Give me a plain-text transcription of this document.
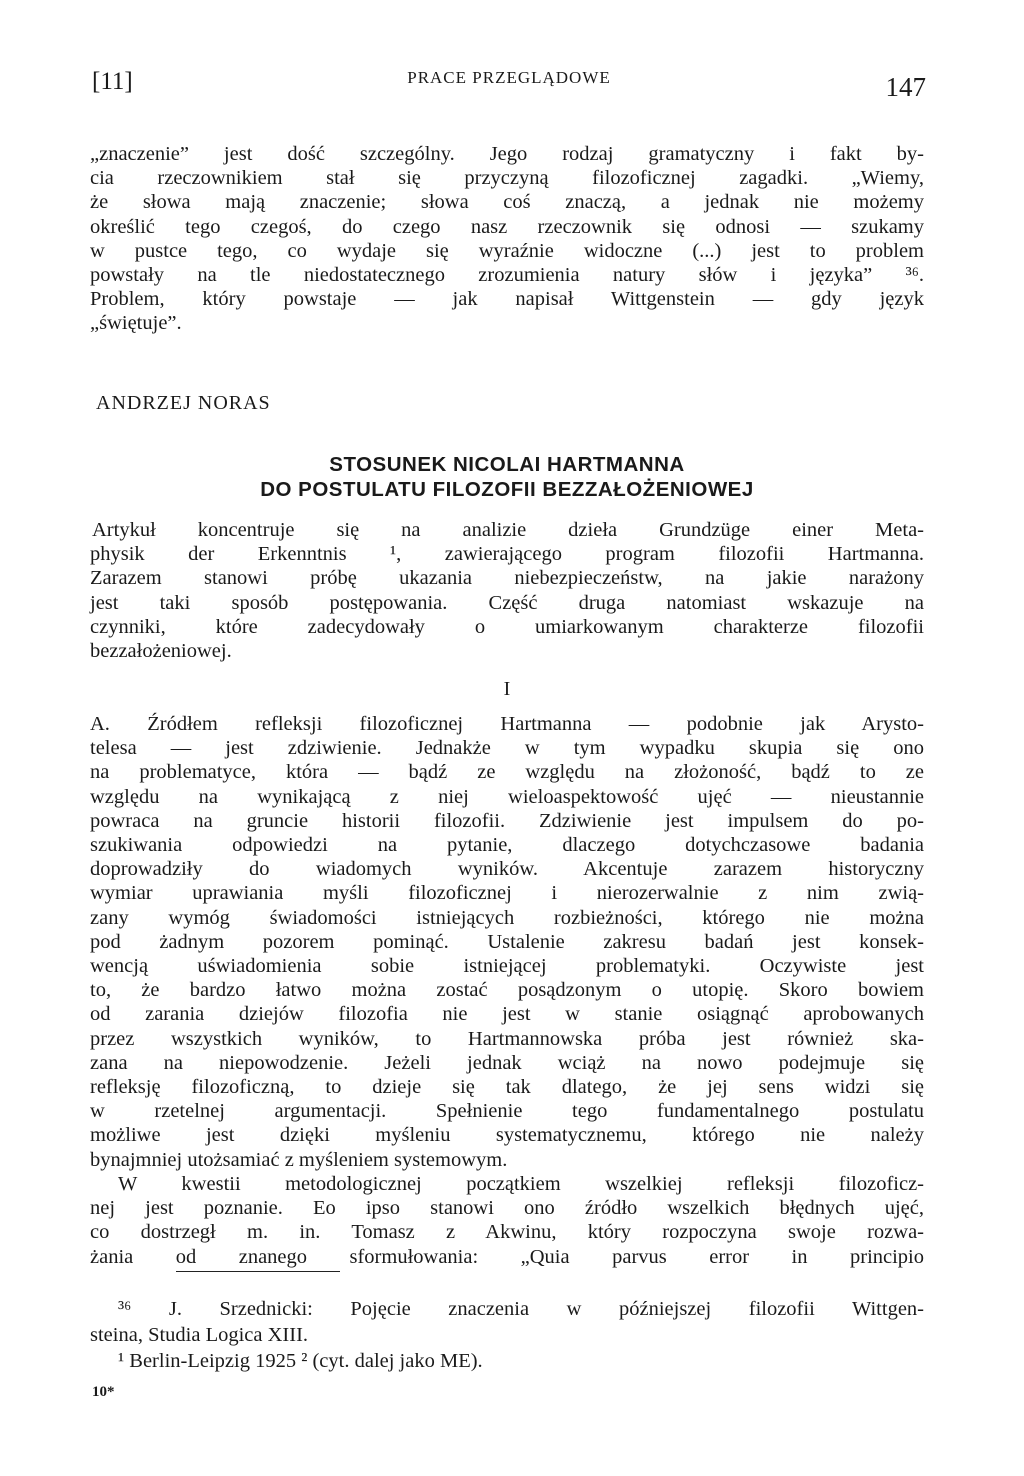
[11]	PRACE PRZEGLĄDOWE	147
„znaczenie” jest dość szczególny. Jego rodzaj gramatyczny i fakt by-
cia rzeczownikiem stał się przyczyną filozoficznej zagadki. „Wiemy,
że słowa mają znaczenie; słowa coś znaczą, a jednak nie możemy
określić tego czegoś, do czego nasz rzeczownik się odnosi — szukamy
w pustce tego, co wydaje się wyraźnie widoczne (...) jest to problem
powstały na tle niedostatecznego zrozumienia natury słów i języka” ³⁶.
Problem, który powstaje — jak napisał Wittgenstein — gdy język
„świętuje”.
ANDRZEJ NORAS
STOSUNEK NICOLAI HARTMANNA
DO POSTULATU FILOZOFII BEZZAŁOŻENIOWEJ
Artykuł koncentruje się na analizie dzieła Grundzüge einer Meta-
physik der Erkenntnis ¹, zawierającego program filozofii Hartmanna.
Zarazem stanowi próbę ukazania niebezpieczeństw, na jakie narażony
jest taki sposób postępowania. Część druga natomiast wskazuje na
czynniki, które zadecydowały o umiarkowanym charakterze filozofii
bezzałożeniowej.
I
A. Źródłem refleksji filozoficznej Hartmanna — podobnie jak Arysto-
telesa — jest zdziwienie. Jednakże w tym wypadku skupia się ono
na problematyce, która — bądź ze względu na złożoność, bądź to ze
względu na wynikającą z niej wieloaspektowość ujęć — nieustannie
powraca na gruncie historii filozofii. Zdziwienie jest impulsem do po-
szukiwania odpowiedzi na pytanie, dlaczego dotychczasowe badania
doprowadziły do wiadomych wyników. Akcentuje zarazem historyczny
wymiar uprawiania myśli filozoficznej i nierozerwalnie z nim zwią-
zany wymóg świadomości istniejących rozbieżności, którego nie można
pod żadnym pozorem pominąć. Ustalenie zakresu badań jest konsek-
wencją uświadomienia sobie istniejącej problematyki. Oczywiste jest
to, że bardzo łatwo można zostać posądzonym o utopię. Skoro bowiem
od zarania dziejów filozofia nie jest w stanie osiągnąć aprobowanych
przez wszystkich wyników, to Hartmannowska próba jest również ska-
zana na niepowodzenie. Jeżeli jednak wciąż na nowo podejmuje się
refleksję filozoficzną, to dzieje się tak dlatego, że jej sens widzi się
w rzetelnej argumentacji. Spełnienie tego fundamentalnego postulatu
możliwe jest dzięki myśleniu systematycznemu, którego nie należy
bynajmniej utożsamiać z myśleniem systemowym.
W kwestii metodologicznej początkiem wszelkiej refleksji filozoficz-
nej jest poznanie. Eo ipso stanowi ono źródło wszelkich błędnych ujęć,
co dostrzegł m. in. Tomasz z Akwinu, który rozpoczyna swoje rozwa-
żania od znanego sformułowania: „Quia parvus error in principio
³⁶ J. Srzednicki: Pojęcie znaczenia w późniejszej filozofii Wittgen-
steina, Studia Logica XIII.
¹ Berlin-Leipzig 1925 ² (cyt. dalej jako ME).
10*
